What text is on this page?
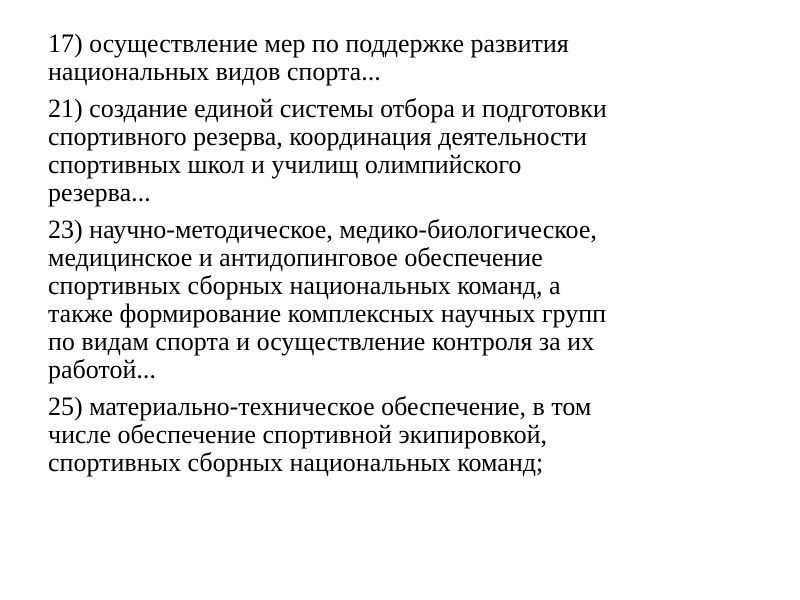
17) осуществление мер по поддержке развития
национальных видов спорта...
21) создание единой системы отбора и подготовки
спортивного резерва, координация деятельности
спортивных школ и училищ олимпийского
резерва...
23) научно-методическое, медико-биологическое,
медицинское и антидопинговое обеспечение
спортивных сборных национальных команд, а
также формирование комплексных научных групп
по видам спорта и осуществление контроля за их
работой...
25) материально-техническое обеспечение, в том
числе обеспечение спортивной экипировкой,
спортивных сборных национальных команд;
